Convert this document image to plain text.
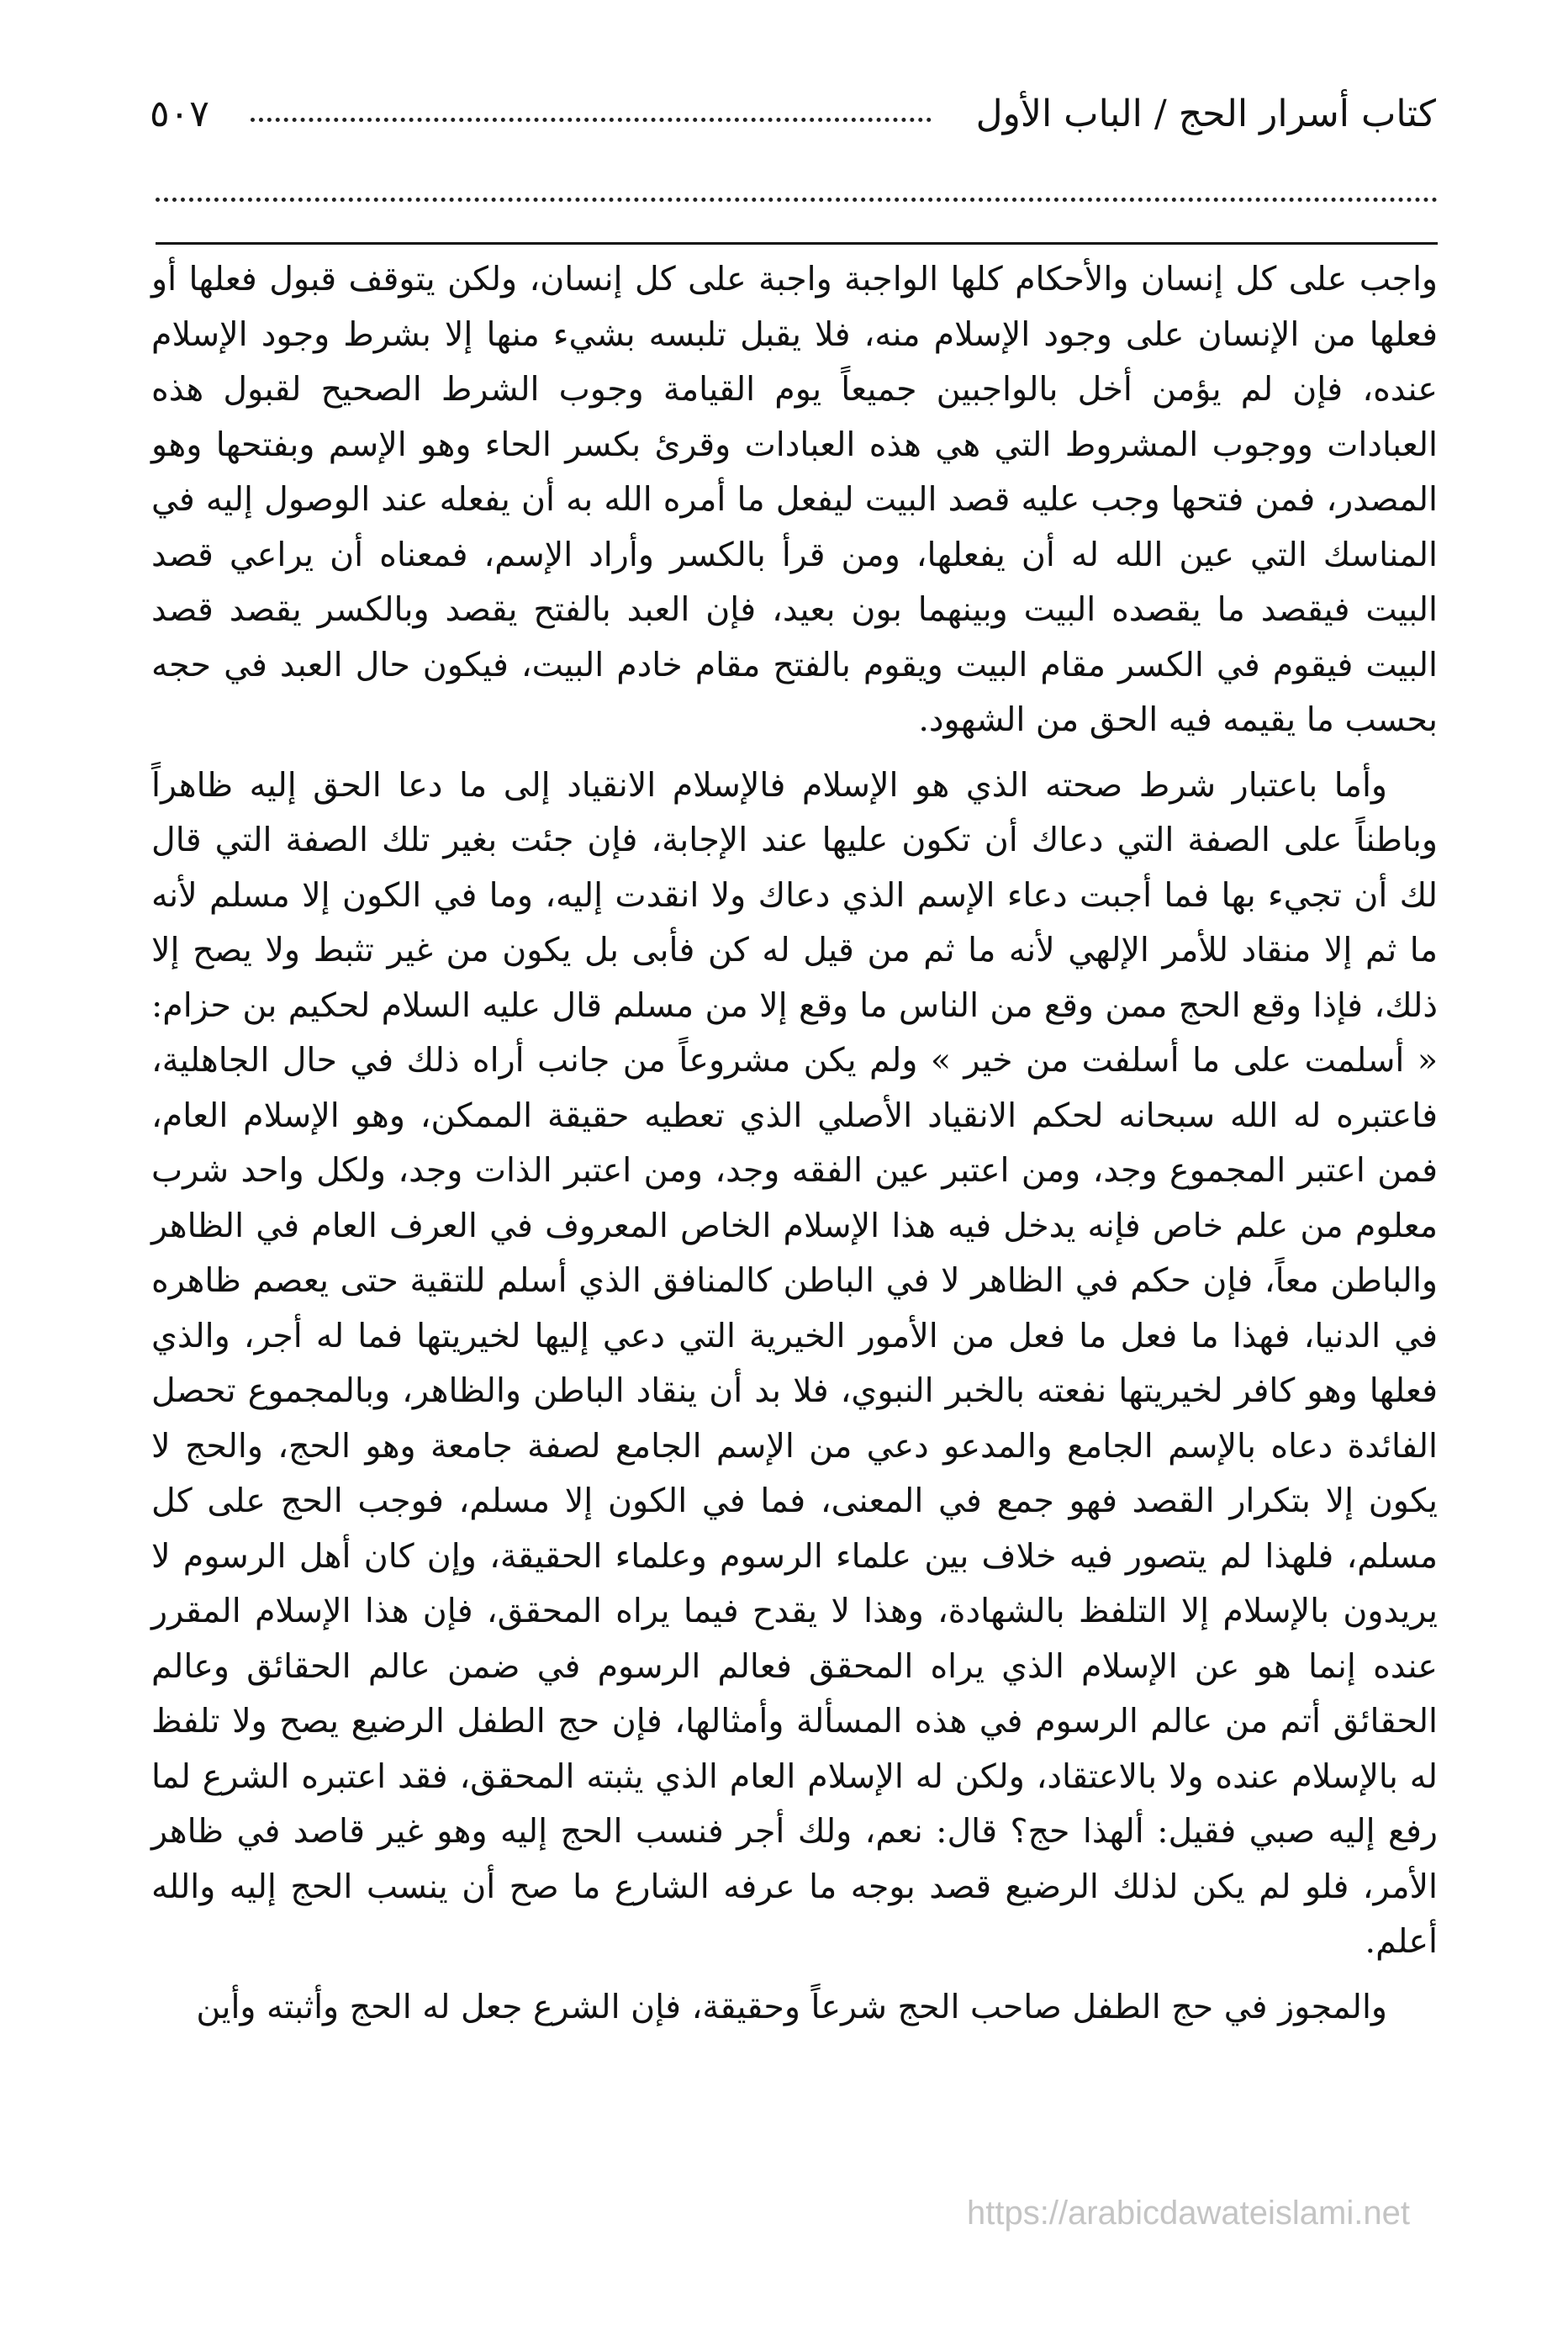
كتاب أسرار الحج / الباب الأول
٥٠٧

واجب على كل إنسان والأحكام كلها الواجبة واجبة على كل إنسان، ولكن يتوقف قبول فعلها أو فعلها من الإنسان على وجود الإسلام منه، فلا يقبل تلبسه بشيء منها إلا بشرط وجود الإسلام عنده، فإن لم يؤمن أخل بالواجبين جميعاً يوم القيامة وجوب الشرط الصحيح لقبول هذه العبادات ووجوب المشروط التي هي هذه العبادات وقرئ بكسر الحاء وهو الإسم وبفتحها وهو المصدر، فمن فتحها وجب عليه قصد البيت ليفعل ما أمره الله به أن يفعله عند الوصول إليه في المناسك التي عين الله له أن يفعلها، ومن قرأ بالكسر وأراد الإسم، فمعناه أن يراعي قصد البيت فيقصد ما يقصده البيت وبينهما بون بعيد، فإن العبد بالفتح يقصد وبالكسر يقصد قصد البيت فيقوم في الكسر مقام البيت ويقوم بالفتح مقام خادم البيت، فيكون حال العبد في حجه بحسب ما يقيمه فيه الحق من الشهود.

وأما باعتبار شرط صحته الذي هو الإسلام فالإسلام الانقياد إلى ما دعا الحق إليه ظاهراً وباطناً على الصفة التي دعاك أن تكون عليها عند الإجابة، فإن جئت بغير تلك الصفة التي قال لك أن تجيء بها فما أجبت دعاء الإسم الذي دعاك ولا انقدت إليه، وما في الكون إلا مسلم لأنه ما ثم إلا منقاد للأمر الإلهي لأنه ما ثم من قيل له كن فأبى بل يكون من غير تثبط ولا يصح إلا ذلك، فإذا وقع الحج ممن وقع من الناس ما وقع إلا من مسلم قال عليه السلام لحكيم بن حزام: « أسلمت على ما أسلفت من خير » ولم يكن مشروعاً من جانب أراه ذلك في حال الجاهلية، فاعتبره له الله سبحانه لحكم الانقياد الأصلي الذي تعطيه حقيقة الممكن، وهو الإسلام العام، فمن اعتبر المجموع وجد، ومن اعتبر عين الفقه وجد، ومن اعتبر الذات وجد، ولكل واحد شرب معلوم من علم خاص فإنه يدخل فيه هذا الإسلام الخاص المعروف في العرف العام في الظاهر والباطن معاً، فإن حكم في الظاهر لا في الباطن كالمنافق الذي أسلم للتقية حتى يعصم ظاهره في الدنيا، فهذا ما فعل ما فعل من الأمور الخيرية التي دعي إليها لخيريتها فما له أجر، والذي فعلها وهو كافر لخيريتها نفعته بالخبر النبوي، فلا بد أن ينقاد الباطن والظاهر، وبالمجموع تحصل الفائدة دعاه بالإسم الجامع والمدعو دعي من الإسم الجامع لصفة جامعة وهو الحج، والحج لا يكون إلا بتكرار القصد فهو جمع في المعنى، فما في الكون إلا مسلم، فوجب الحج على كل مسلم، فلهذا لم يتصور فيه خلاف بين علماء الرسوم وعلماء الحقيقة، وإن كان أهل الرسوم لا يريدون بالإسلام إلا التلفظ بالشهادة، وهذا لا يقدح فيما يراه المحقق، فإن هذا الإسلام المقرر عنده إنما هو عن الإسلام الذي يراه المحقق فعالم الرسوم في ضمن عالم الحقائق وعالم الحقائق أتم من عالم الرسوم في هذه المسألة وأمثالها، فإن حج الطفل الرضيع يصح ولا تلفظ له بالإسلام عنده ولا بالاعتقاد، ولكن له الإسلام العام الذي يثبته المحقق، فقد اعتبره الشرع لما رفع إليه صبي فقيل: ألهذا حج؟ قال: نعم، ولك أجر فنسب الحج إليه وهو غير قاصد في ظاهر الأمر، فلو لم يكن لذلك الرضيع قصد بوجه ما عرفه الشارع ما صح أن ينسب الحج إليه والله أعلم.

والمجوز في حج الطفل صاحب الحج شرعاً وحقيقة، فإن الشرع جعل له الحج وأثبته وأين

https://arabicdawateislami.net
